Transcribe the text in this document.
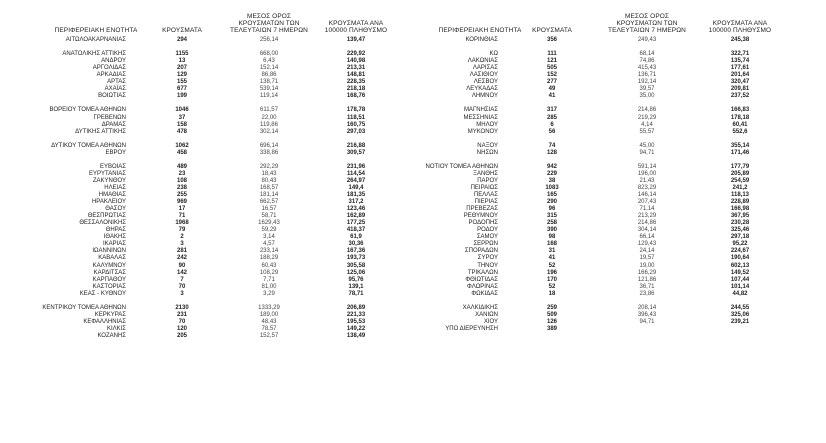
ΠΕΡΙΦΕΡΕΙΑΚΗ ΕΝΟΤΗΤΑ	ΚΡΟΥΣΜΑΤΑ
ΜΕΣΟΣ ΟΡΟΣ ΚΡΟΥΣΜΑΤΩΝ ΤΩΝ ΤΕΛΕΥΤΑΙΩΝ 7 ΗΜΕΡΩΝ
ΚΡΟΥΣΜΑΤΑ ΑΝΑ 100000 ΠΛΗΘΥΣΜΟ
ΑΙΤΩΛΟΑΚΑΡΝΑΝΙΑΣ	294	256,14	139,47
ΑΝΑΤΟΛΙΚΗΣ ΑΤΤΙΚΗΣ	1155	668,00	229,92
ΑΝΔΡΟΥ	13	6,43	140,98
ΑΡΓΟΛΙΔΑΣ	207	152,14	213,31
ΑΡΚΑΔΙΑΣ	129	86,86	148,81
ΑΡΤΑΣ	155	138,71	228,35
ΑΧΑΪΑΣ	677	539,14	218,18
ΒΟΙΩΤΙΑΣ	199	119,14	168,76
ΒΟΡΕΙΟΥ ΤΟΜΕΑ ΑΘΗΝΩΝ	1046	611,57	178,78
ΓΡΕΒΕΝΩΝ	37	22,00	118,51
ΔΡΑΜΑΣ	158	119,86	160,75
ΔΥΤΙΚΗΣ ΑΤΤΙΚΗΣ	478	302,14	297,03
ΔΥΤΙΚΟΥ ΤΟΜΕΑ ΑΘΗΝΩΝ	1062	696,14	216,88
ΕΒΡΟΥ	458	338,86	309,57
ΕΥΒΟΙΑΣ	489	292,29	231,96
ΕΥΡΥΤΑΝΙΑΣ	23	18,43	114,54
ΖΑΚΥΝΘΟΥ	108	80,43	264,97
ΗΛΕΙΑΣ	238	168,57	149,4
ΗΜΑΘΙΑΣ	255	181,14	181,35
ΗΡΑΚΛΕΙΟΥ	969	662,57	317,2
ΘΑΣΟΥ	17	16,57	123,46
ΘΕΣΠΡΩΤΙΑΣ	71	58,71	162,89
ΘΕΣΣΑΛΟΝΙΚΗΣ	1968	1629,43	177,25
ΘΗΡΑΣ	79	59,29	418,37
ΙΘΑΚΗΣ	2	3,14	61,9
ΙΚΑΡΙΑΣ	3	4,57	30,36
ΙΩΑΝΝΙΝΩΝ	281	233,14	167,36
ΚΑΒΑΛΑΣ	242	188,29	193,73
ΚΑΛΥΜΝΟΥ	90	60,43	305,58
ΚΑΡΔΙΤΣΑΣ	142	108,29	125,06
ΚΑΡΠΑΘΟΥ	7	7,71	95,76
ΚΑΣΤΟΡΙΑΣ	70	81,00	139,1
ΚΕΑΣ - ΚΥΘΝΟΥ	3	3,29	78,71
ΚΕΝΤΡΙΚΟΥ ΤΟΜΕΑ ΑΘΗΝΩΝ	2130	1333,29	206,89
ΚΕΡΚΥΡΑΣ	231	189,00	221,33
ΚΕΦΑΛΛΗΝΙΑΣ	70	48,43	195,53
ΚΙΛΚΙΣ	120	78,57	149,22
ΚΟΖΑΝΗΣ	205	152,57	138,49
ΠΕΡΙΦΕΡΕΙΑΚΗ ΕΝΟΤΗΤΑ	ΚΡΟΥΣΜΑΤΑ
ΜΕΣΟΣ ΟΡΟΣ ΚΡΟΥΣΜΑΤΩΝ ΤΩΝ ΤΕΛΕΥΤΑΙΩΝ 7 ΗΜΕΡΩΝ
ΚΡΟΥΣΜΑΤΑ ΑΝΑ 100000 ΠΛΗΘΥΣΜΟ
ΚΟΡΙΝΘΙΑΣ	356	249,43	245,38
ΚΩ	111	68,14	322,71
ΛΑΚΩΝΙΑΣ	121	74,86	135,74
ΛΑΡΙΣΑΣ	505	415,43	177,61
ΛΑΣΙΘΙΟΥ	152	136,71	201,64
ΛΕΣΒΟΥ	277	192,14	320,47
ΛΕΥΚΑΔΑΣ	49	39,57	209,81
ΛΗΜΝΟΥ	41	35,00	237,52
ΜΑΓΝΗΣΙΑΣ	317	214,86	166,83
ΜΕΣΣΗΝΙΑΣ	285	219,29	178,18
ΜΗΛΟΥ	6	4,14	60,41
ΜΥΚΟΝΟΥ	56	55,57	552,6
ΝΑΞΟΥ	74	45,00	355,14
ΝΗΣΩΝ	128	94,71	171,46
ΝΟΤΙΟΥ ΤΟΜΕΑ ΑΘΗΝΩΝ	942	591,14	177,79
ΞΑΝΘΗΣ	229	196,00	205,89
ΠΑΡΟΥ	38	21,43	254,59
ΠΕΙΡΑΙΩΣ	1083	823,29	241,2
ΠΕΛΛΑΣ	165	146,14	118,13
ΠΙΕΡΙΑΣ	290	207,43	228,89
ΠΡΕΒΕΖΑΣ	96	71,14	166,98
ΡΕΘΥΜΝΟΥ	315	213,29	367,95
ΡΟΔΟΠΗΣ	258	214,86	230,28
ΡΟΔΟΥ	390	304,14	325,46
ΣΑΜΟΥ	98	66,14	297,18
ΣΕΡΡΩΝ	168	129,43	95,22
ΣΠΟΡΑΔΩΝ	31	24,14	224,67
ΣΥΡΟΥ	41	19,57	190,64
ΤΗΝΟΥ	52	19,00	602,13
ΤΡΙΚΑΛΩΝ	196	166,29	149,52
ΦΘΙΩΤΙΔΑΣ	170	121,86	107,44
ΦΛΩΡΙΝΑΣ	52	36,71	101,14
ΦΩΚΙΔΑΣ	18	23,86	44,82
ΧΑΛΚΙΔΙΚΗΣ	259	208,14	244,55
ΧΑΝΙΩΝ	509	396,43	325,06
ΧΙΟΥ	126	94,71	239,21
ΥΠΟ ΔΙΕΡΕΥΝΗΣΗ	389
